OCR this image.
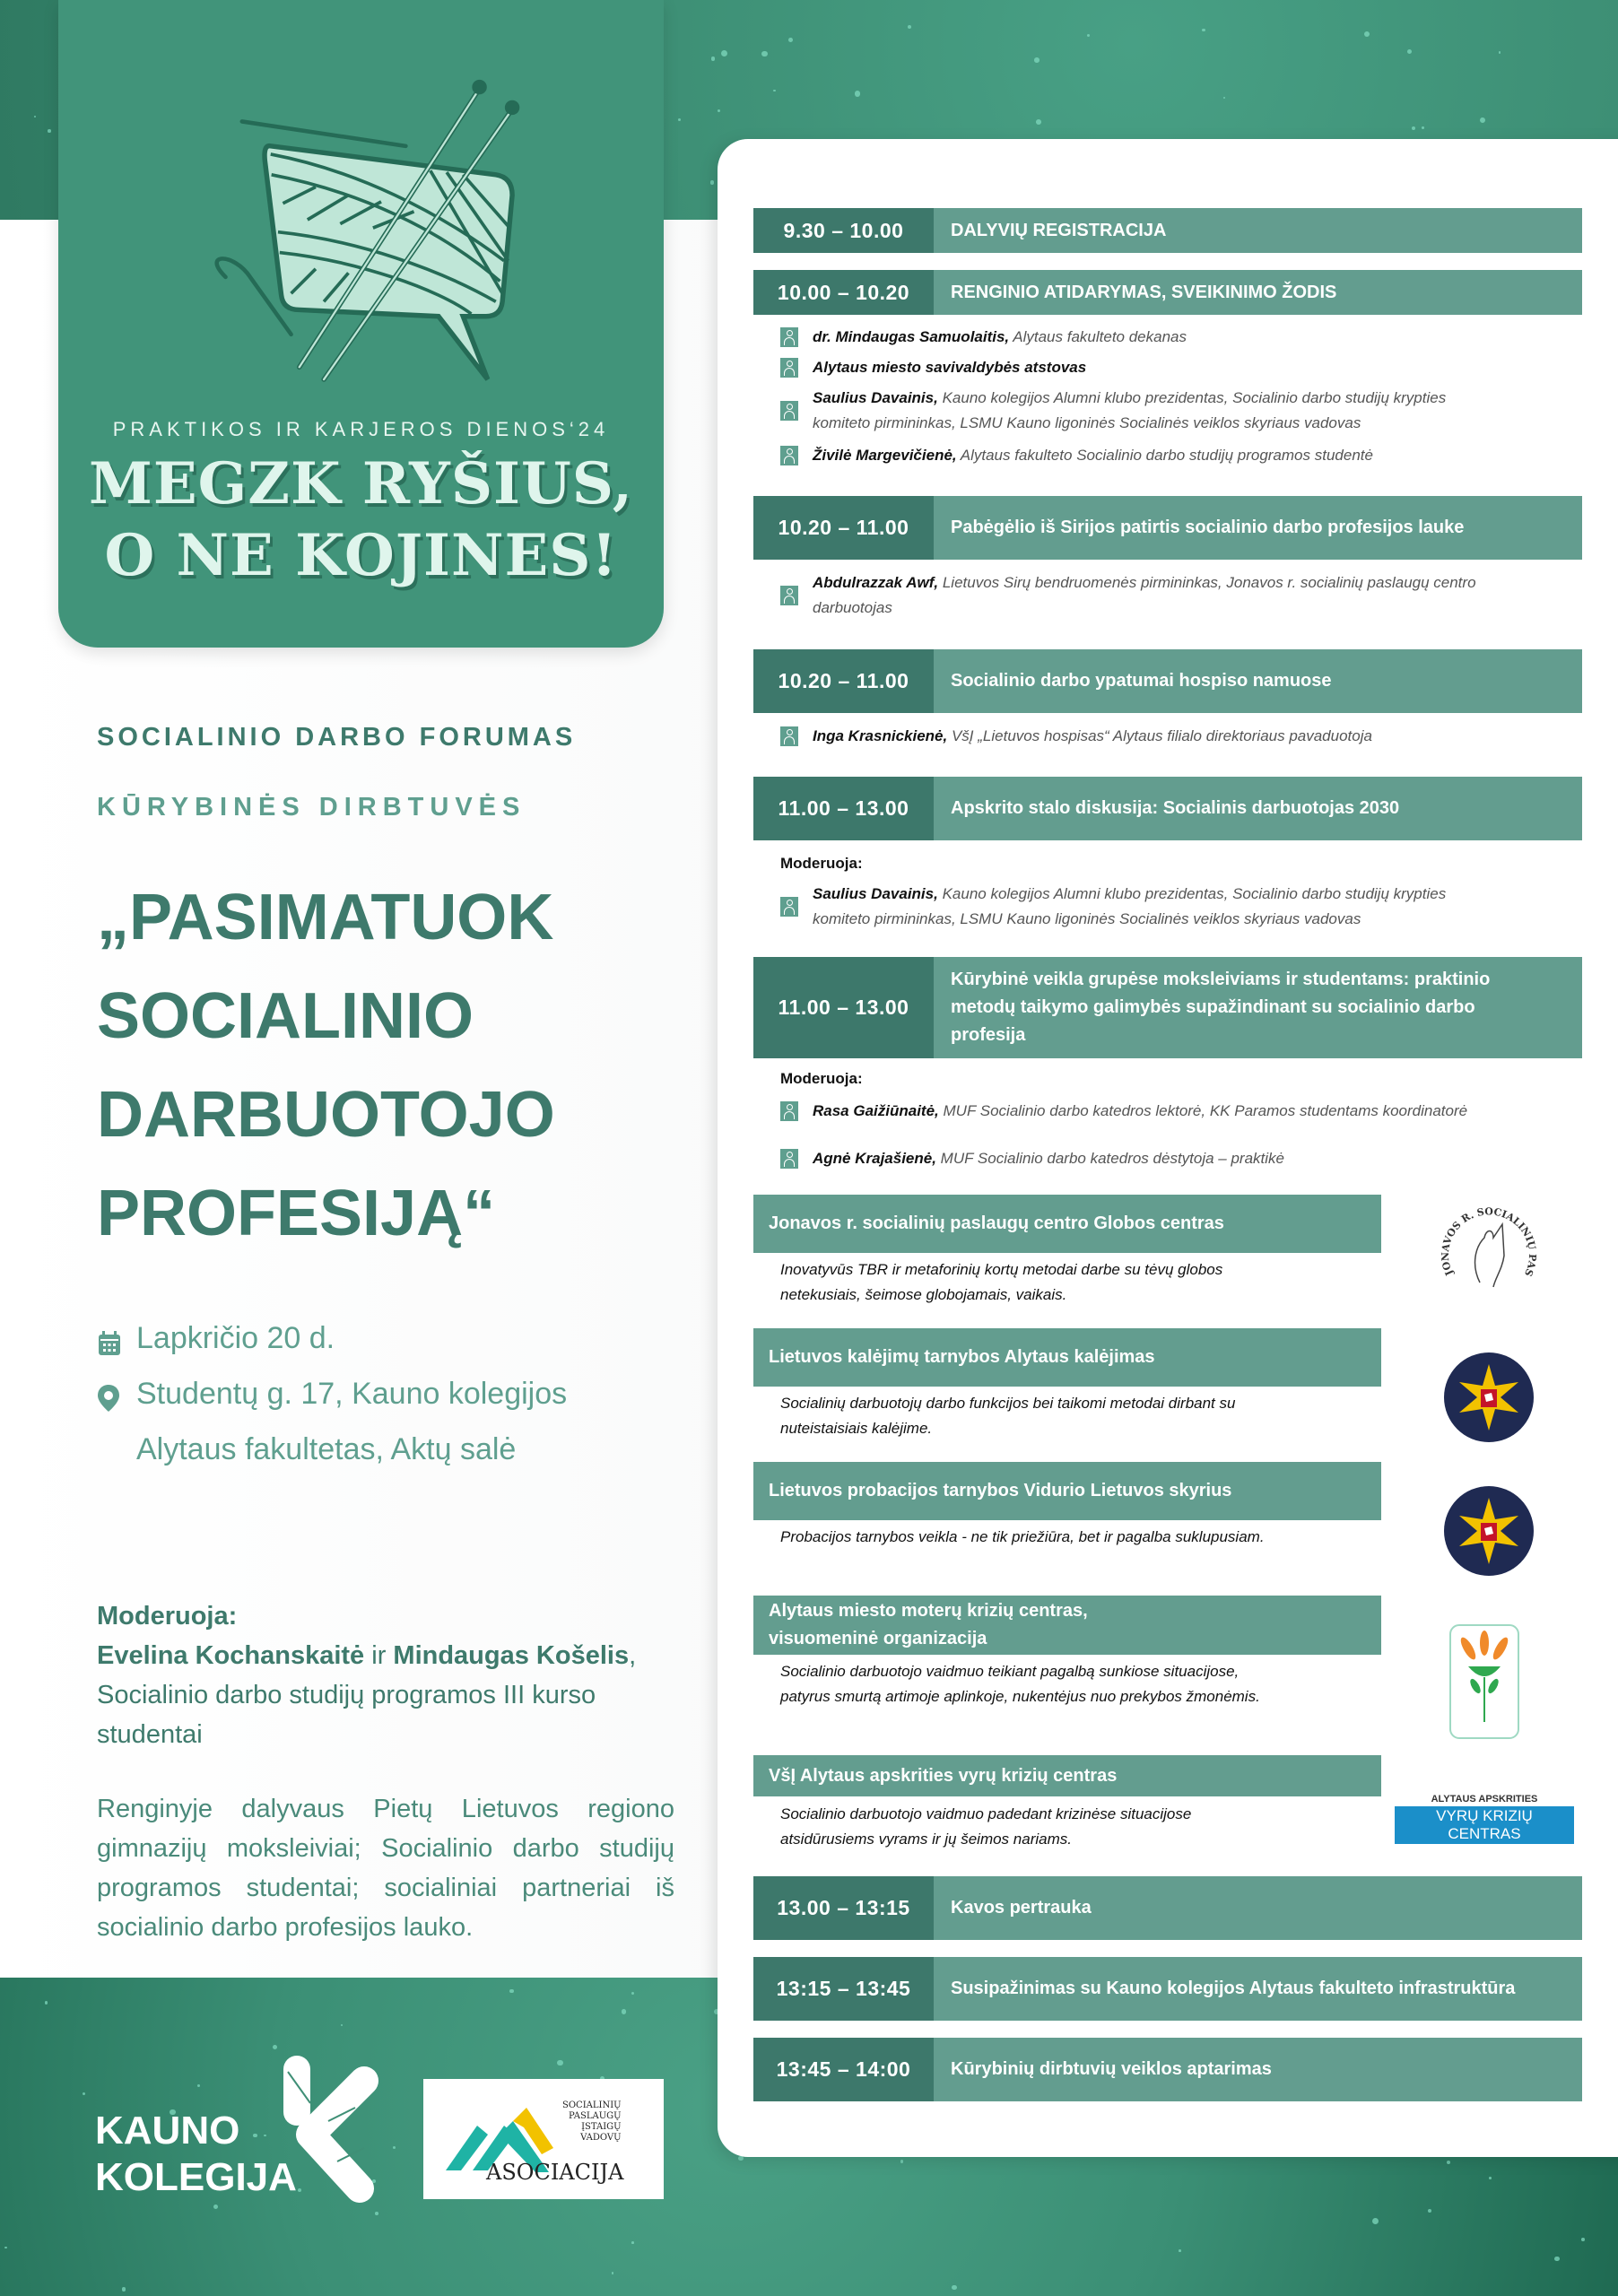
PRAKTIKOS IR KARJEROS DIENOS‘24
MEGZK RYŠIUS,
O NE KOJINES!
SOCIALINIO DARBO FORUMAS
KŪRYBINĖS DIRBTUVĖS
„PASIMATUOK
SOCIALINIO
DARBUOTOJO
PROFESIJĄ“
Lapkričio 20 d.
Studentų g. 17, Kauno kolegijos
Alytaus fakultetas, Aktų salė
Moderuoja:
Evelina Kochanskaitė ir Mindaugas Košelis,
Socialinio darbo studijų programos III kurso studentai
Renginyje dalyvaus Pietų Lietuvos regiono gimnazijų moksleiviai; Socialinio darbo studijų programos studentai; socialiniai partneriai iš socialinio darbo profesijos lauko.
KAUNO
KOLEGIJA
SOCIALINIŲ
PASLAUGŲ
ĮSTAIGŲ
VADOVŲ
ASOCIACIJA
9.30 – 10.00	DALYVIŲ REGISTRACIJA
10.00 – 10.20	RENGINIO ATIDARYMAS, SVEIKINIMO ŽODIS
dr. Mindaugas Samuolaitis, Alytaus fakulteto dekanas
Alytaus miesto savivaldybės atstovas
Saulius Davainis, Kauno kolegijos Alumni klubo prezidentas, Socialinio darbo studijų krypties komiteto pirmininkas, LSMU Kauno ligoninės Socialinės veiklos skyriaus vadovas
Živilė Margevičienė, Alytaus fakulteto Socialinio darbo studijų programos studentė
10.20 – 11.00	Pabėgėlio iš Sirijos patirtis socialinio darbo profesijos lauke
Abdulrazzak Awf, Lietuvos Sirų bendruomenės pirmininkas, Jonavos r. socialinių paslaugų centro darbuotojas
10.20 – 11.00	Socialinio darbo ypatumai hospiso namuose
Inga Krasnickienė, VšĮ „Lietuvos hospisas“ Alytaus filialo direktoriaus pavaduotoja
11.00 – 13.00	Apskrito stalo diskusija: Socialinis darbuotojas 2030
Moderuoja:
Saulius Davainis, Kauno kolegijos Alumni klubo prezidentas, Socialinio darbo studijų krypties komiteto pirmininkas, LSMU Kauno ligoninės Socialinės veiklos skyriaus vadovas
11.00 – 13.00
Kūrybinė veikla grupėse moksleiviams ir studentams: praktinio metodų taikymo galimybės supažindinant su socialinio darbo profesija
Moderuoja:
Rasa Gaižiūnaitė, MUF Socialinio darbo katedros lektorė, KK Paramos studentams koordinatorė
Agnė Krajašienė, MUF Socialinio darbo katedros dėstytoja – praktikė
Jonavos r. socialinių paslaugų centro Globos centras
Inovatyvūs TBR ir metaforinių kortų metodai darbe su tėvų globos netekusiais, šeimose globojamais, vaikais.
Lietuvos kalėjimų tarnybos Alytaus kalėjimas
Socialinių darbuotojų darbo funkcijos bei taikomi metodai dirbant su nuteistaisiais kalėjime.
Lietuvos probacijos tarnybos Vidurio Lietuvos skyrius
Probacijos tarnybos veikla - ne tik priežiūra, bet ir pagalba suklupusiam.
Alytaus miesto moterų krizių centras, visuomeninė organizacija
Socialinio darbuotojo vaidmuo teikiant pagalbą sunkiose situacijose, patyrus smurtą artimoje aplinkoje, nukentėjus nuo prekybos žmonėmis.
VšĮ Alytaus apskrities vyrų krizių centras
Socialinio darbuotojo vaidmuo padedant krizinėse situacijose atsidūrusiems vyrams ir jų šeimos nariams.
13.00 – 13:15	Kavos pertrauka
13:15 – 13:45	Susipažinimas su Kauno kolegijos Alytaus fakulteto infrastruktūra
13:45 – 14:00	Kūrybinių dirbtuvių veiklos aptarimas
JONAVOS R. SOCIALINIŲ PAS
ALYTAUS APSKRITIES
VYRŲ KRIZIŲ CENTRAS
